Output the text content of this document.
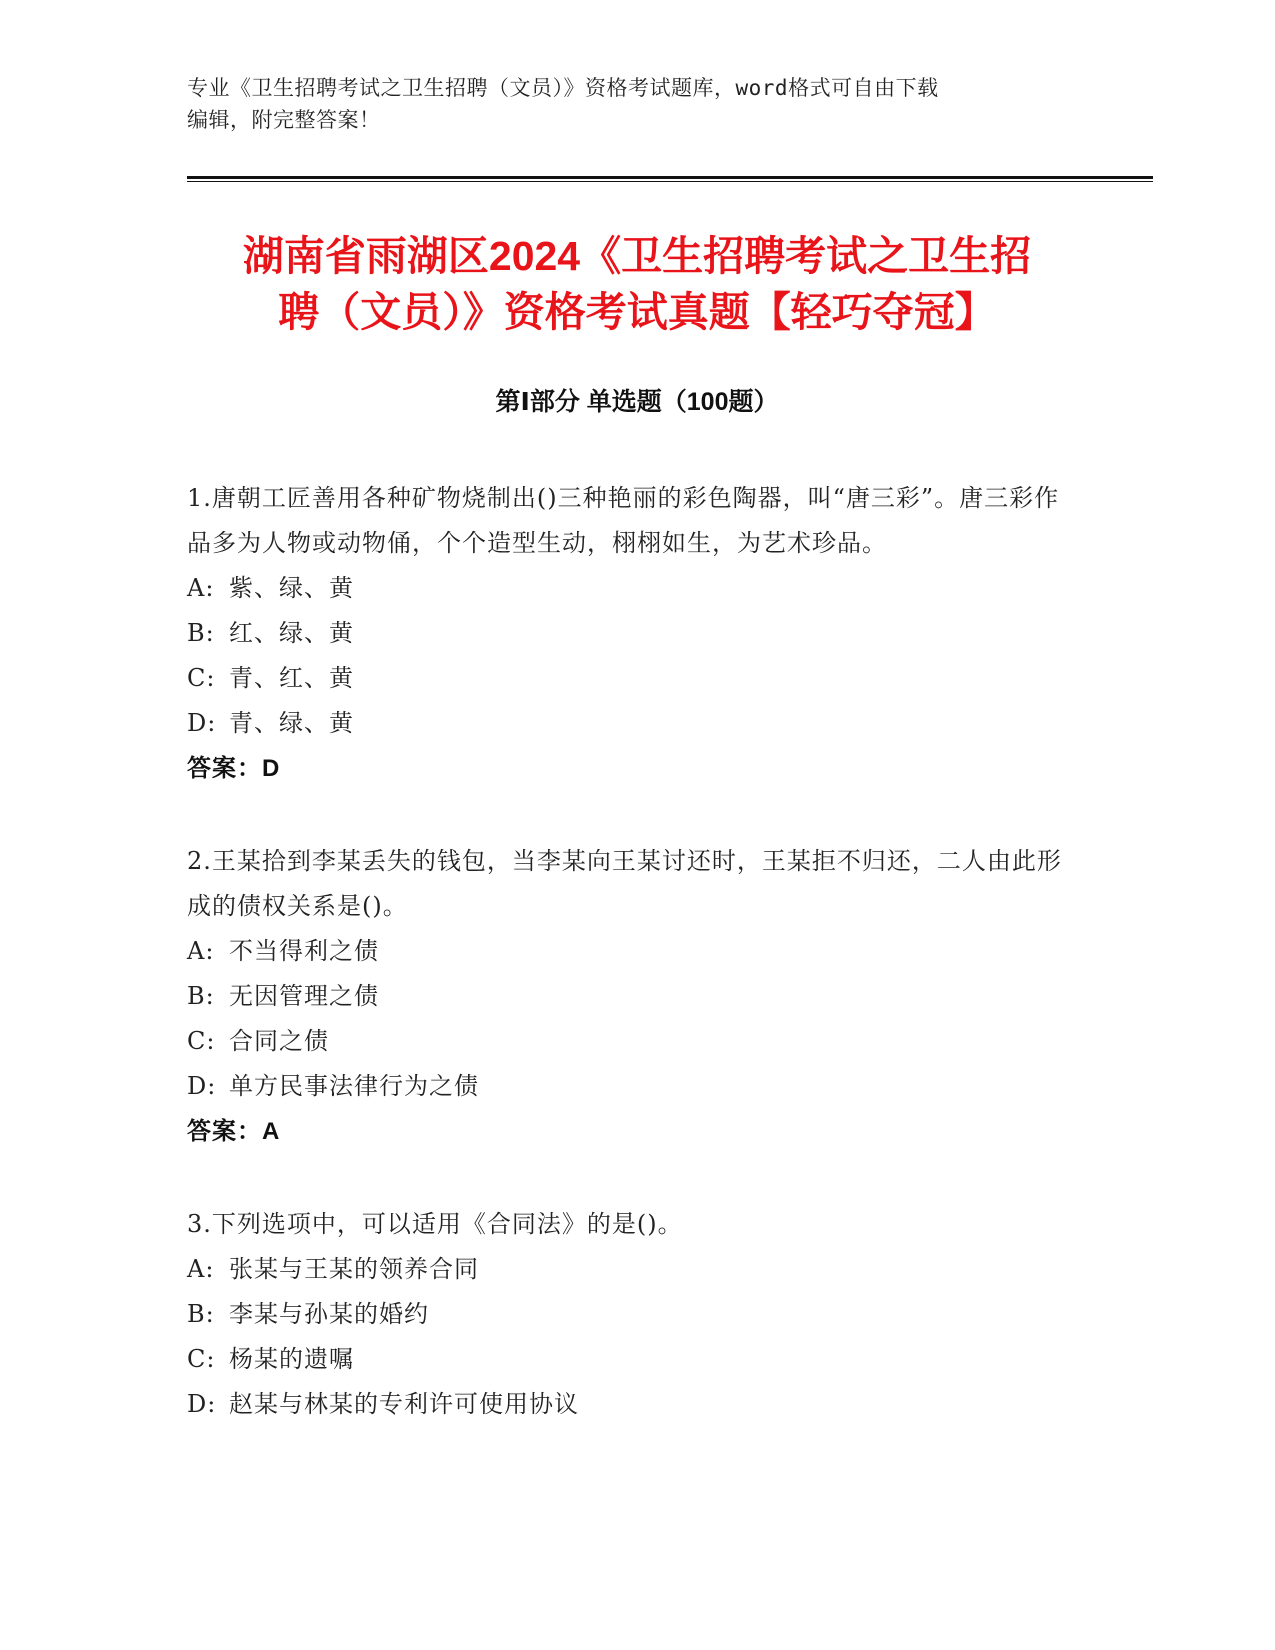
专业《卫生招聘考试之卫生招聘（文员）》资格考试题库，word格式可自由下载
编辑，附完整答案！
湖南省雨湖区2024《卫生招聘考试之卫生招
聘（文员）》资格考试真题【轻巧夺冠】
第Ⅰ部分 单选题（100题）
1.唐朝工匠善用各种矿物烧制出()三种艳丽的彩色陶器，叫“唐三彩”。唐三彩作品多为人物或动物俑，个个造型生动，栩栩如生，为艺术珍品。
A: 紫、绿、黄
B: 红、绿、黄
C: 青、红、黄
D: 青、绿、黄
答案：D
2.王某拾到李某丢失的钱包，当李某向王某讨还时，王某拒不归还，二人由此形成的债权关系是()。
A: 不当得利之债
B: 无因管理之债
C: 合同之债
D: 单方民事法律行为之债
答案：A
3.下列选项中，可以适用《合同法》的是()。
A: 张某与王某的领养合同
B: 李某与孙某的婚约
C: 杨某的遗嘱
D: 赵某与林某的专利许可使用协议
